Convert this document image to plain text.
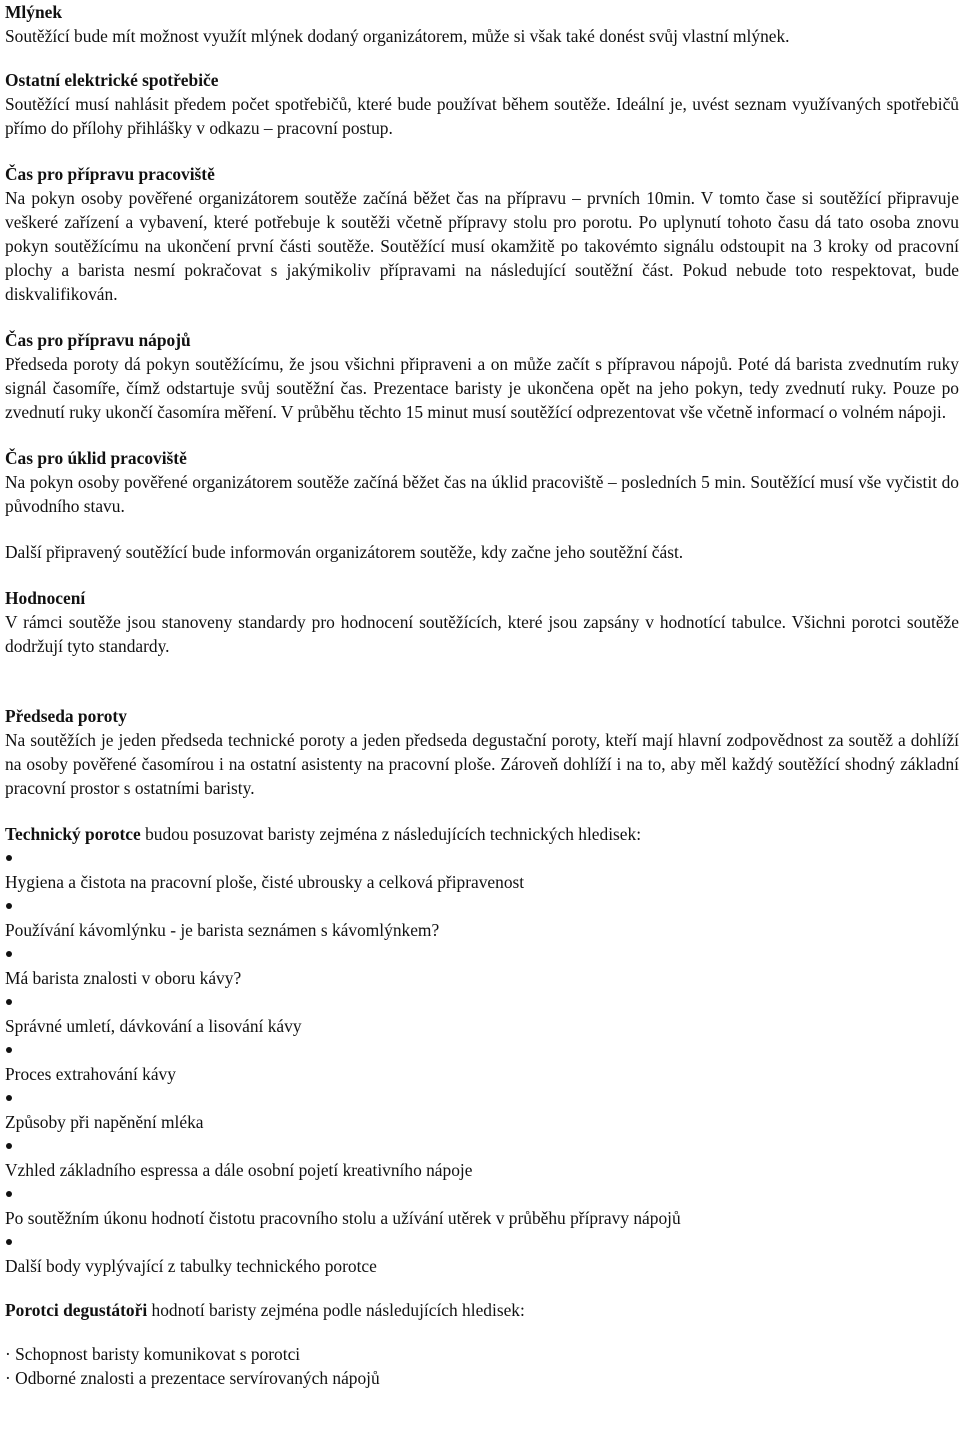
Mlýnek

Soutěžící bude mít možnost využít mlýnek dodaný organizátorem, může si však také donést svůj vlastní mlýnek.

Ostatní elektrické spotřebiče

Soutěžící musí nahlásit předem počet spotřebičů, které bude používat během soutěže. Ideální je, uvést seznam využívaných spotřebičů přímo do přílohy přihlášky v odkazu – pracovní postup.

Čas pro přípravu pracoviště

Na pokyn osoby pověřené organizátorem soutěže začíná běžet čas na přípravu – prvních 10min. V tomto čase si soutěžící připravuje veškeré zařízení a vybavení, které potřebuje k soutěži včetně přípravy stolu pro porotu. Po uplynutí tohoto času dá tato osoba znovu pokyn soutěžícímu na ukončení první části soutěže. Soutěžící musí okamžitě po takovémto signálu odstoupit na 3 kroky od pracovní plochy a barista nesmí pokračovat s jakýmikoliv přípravami na následující soutěžní část. Pokud nebude toto respektovat, bude diskvalifikován.

Čas pro přípravu nápojů

Předseda poroty dá pokyn soutěžícímu, že jsou všichni připraveni a on může začít s přípravou nápojů. Poté dá barista zvednutím ruky signál časomíře, čímž odstartuje svůj soutěžní čas. Prezentace baristy je ukončena opět na jeho pokyn, tedy zvednutí ruky. Pouze po zvednutí ruky ukončí časomíra měření. V průběhu těchto 15 minut musí soutěžící odprezentovat vše včetně informací o volném nápoji.

Čas pro úklid pracoviště

Na pokyn osoby pověřené organizátorem soutěže začíná běžet čas na úklid pracoviště – posledních 5 min. Soutěžící musí vše vyčistit do původního stavu.

Další připravený soutěžící bude informován organizátorem soutěže, kdy začne jeho soutěžní část.

Hodnocení

V rámci soutěže jsou stanoveny standardy pro hodnocení soutěžících, které jsou zapsány v hodnotící tabulce. Všichni porotci soutěže dodržují tyto standardy.

Předseda poroty

Na soutěžích je jeden předseda technické poroty a jeden předseda degustační poroty, kteří mají hlavní zodpovědnost za soutěž a dohlíží na osoby pověřené časomírou i na ostatní asistenty na pracovní ploše. Zároveň dohlíží i na to, aby měl každý soutěžící shodný základní pracovní prostor s ostatními baristy.

Technický porotce budou posuzovat baristy zejména z následujících technických hledisek:

Hygiena a čistota na pracovní ploše, čisté ubrousky a celková připravenost

Používání kávomlýnku - je barista seznámen s kávomlýnkem?

Má barista znalosti v oboru kávy?

Správné umletí, dávkování a lisování kávy

Proces extrahování kávy

Způsoby při napěnění mléka

Vzhled základního espressa a dále osobní pojetí kreativního nápoje

Po soutěžním úkonu hodnotí čistotu pracovního stolu a užívání utěrek v průběhu přípravy nápojů

Další body vyplývající z tabulky technického porotce

Porotci degustátoři hodnotí baristy zejména podle následujících hledisek:

· Schopnost baristy komunikovat s porotci

· Odborné znalosti a prezentace servírovaných nápojů
